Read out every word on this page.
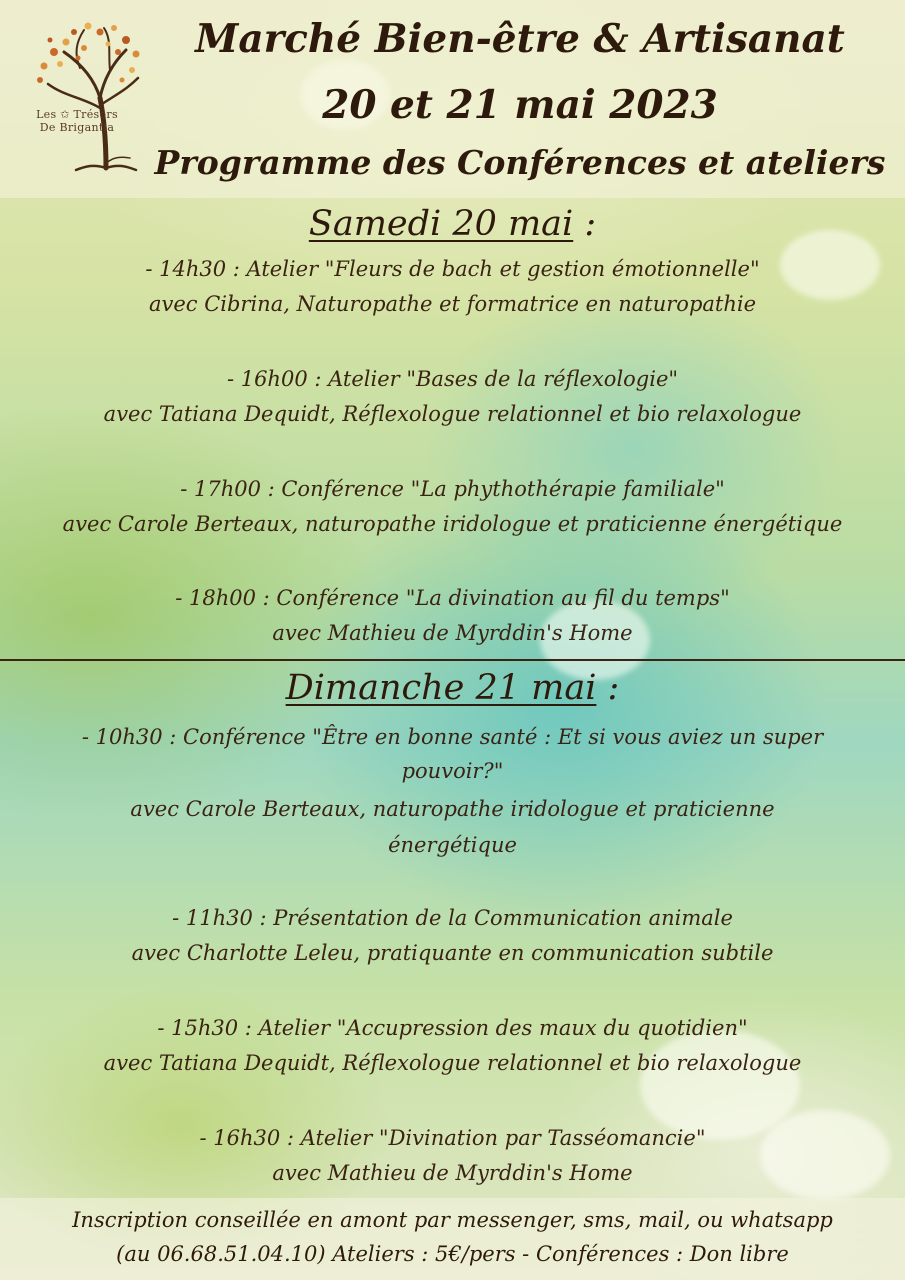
Les ✩ Trésors
De Brigantia
Marché Bien-être & Artisanat
20 et 21 mai 2023
Programme des Conférences et ateliers
Samedi 20 mai :
- 14h30 : Atelier "Fleurs de bach et gestion émotionnelle"
avec Cibrina, Naturopathe et formatrice en naturopathie
- 16h00 : Atelier "Bases de la réflexologie"
avec Tatiana Dequidt, Réflexologue relationnel et bio relaxologue
- 17h00 : Conférence "La phythothérapie familiale"
avec Carole Berteaux, naturopathe iridologue et praticienne énergétique
- 18h00 : Conférence "La divination au fil du temps"
avec Mathieu de Myrddin's Home
Dimanche 21 mai :
- 10h30 : Conférence "Être en bonne santé : Et si vous aviez un super
pouvoir?"
avec Carole Berteaux, naturopathe iridologue et praticienne
énergétique
- 11h30 : Présentation de la Communication animale
avec Charlotte Leleu, pratiquante en communication subtile
- 15h30 : Atelier "Accupression des maux du quotidien"
avec Tatiana Dequidt, Réflexologue relationnel et bio relaxologue
- 16h30 : Atelier "Divination par Tasséomancie"
avec Mathieu de Myrddin's Home
Inscription conseillée en amont par messenger, sms, mail, ou whatsapp
(au 06.68.51.04.10) Ateliers : 5€/pers - Conférences : Don libre
